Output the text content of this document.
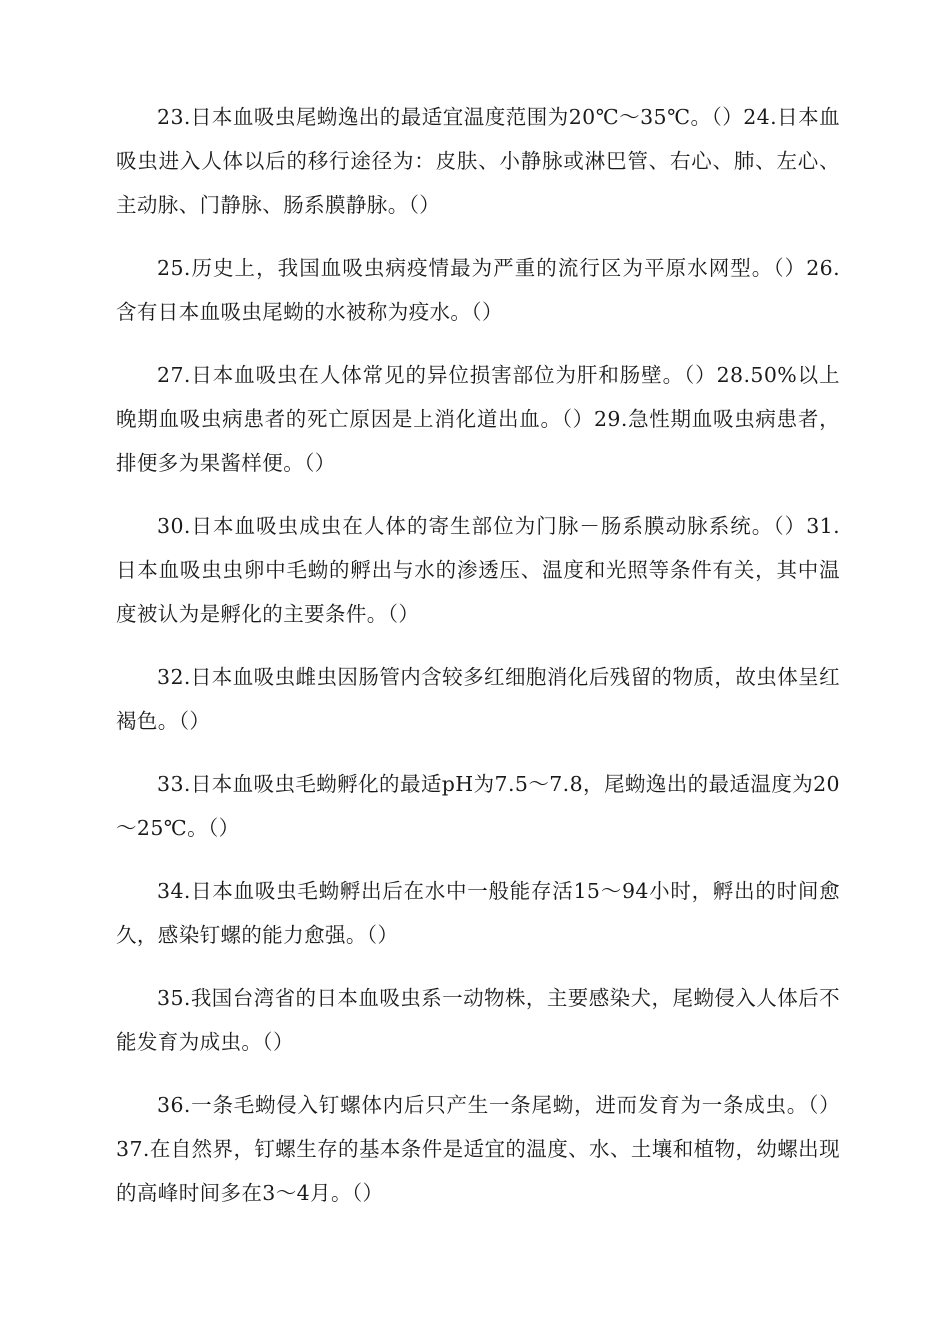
23.日本血吸虫尾蚴逸出的最适宜温度范围为20℃～35℃。（）24.日本血吸虫进入人体以后的移行途径为：皮肤、小静脉或淋巴管、右心、肺、左心、主动脉、门静脉、肠系膜静脉。（）

25.历史上，我国血吸虫病疫情最为严重的流行区为平原水网型。（）26.含有日本血吸虫尾蚴的水被称为疫水。（）

27.日本血吸虫在人体常见的异位损害部位为肝和肠壁。（）28.50%以上晚期血吸虫病患者的死亡原因是上消化道出血。（）29.急性期血吸虫病患者，排便多为果酱样便。（）

30.日本血吸虫成虫在人体的寄生部位为门脉－肠系膜动脉系统。（）31.日本血吸虫虫卵中毛蚴的孵出与水的渗透压、温度和光照等条件有关，其中温度被认为是孵化的主要条件。（）

32.日本血吸虫雌虫因肠管内含较多红细胞消化后残留的物质，故虫体呈红褐色。（）

33.日本血吸虫毛蚴孵化的最适pH为7.5～7.8，尾蚴逸出的最适温度为20～25℃。（）

34.日本血吸虫毛蚴孵出后在水中一般能存活15～94小时，孵出的时间愈久，感染钉螺的能力愈强。（）

35.我国台湾省的日本血吸虫系一动物株，主要感染犬，尾蚴侵入人体后不能发育为成虫。（）

36.一条毛蚴侵入钉螺体内后只产生一条尾蚴，进而发育为一条成虫。（）37.在自然界，钉螺生存的基本条件是适宜的温度、水、土壤和植物，幼螺出现的高峰时间多在3～4月。（）
